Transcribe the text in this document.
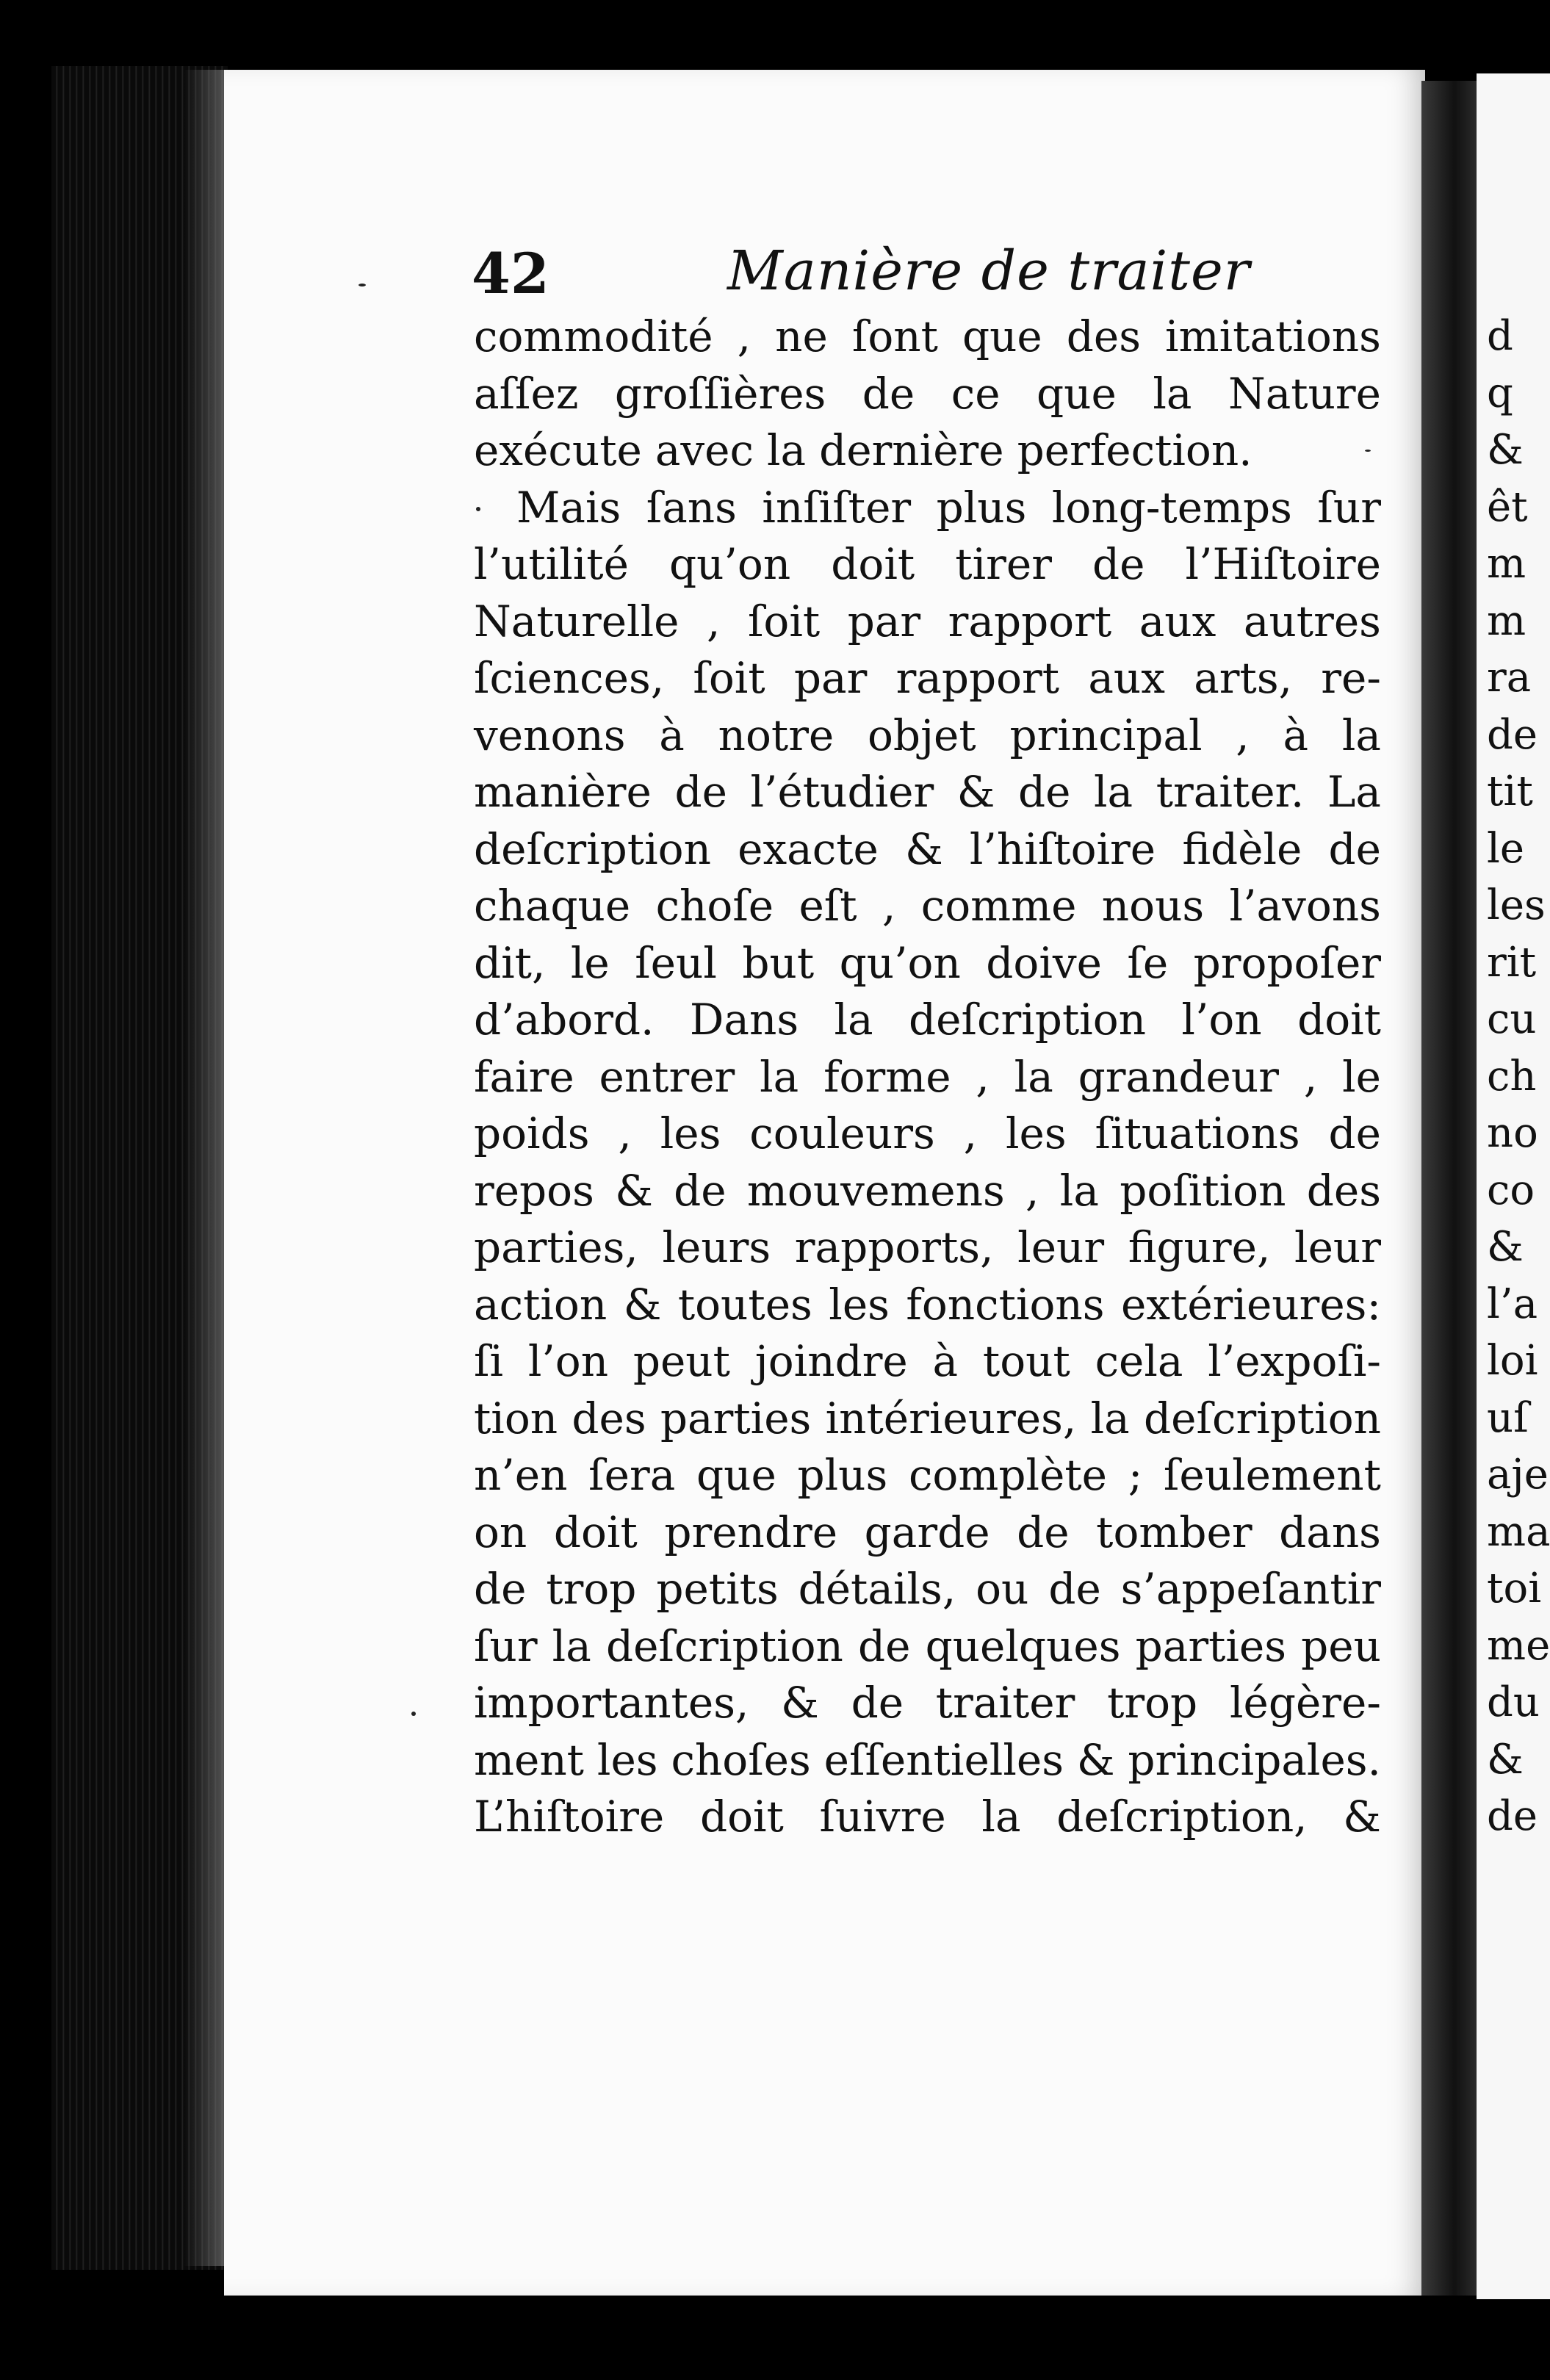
42	Manière de traiter
commodité , ne ſont que des imitations
aſſez groſſières de ce que la Nature
exécute avec la dernière perfection.
Mais ſans inſiſter plus long-temps ſur
l’utilité qu’on doit tirer de l’Hiſtoire
Naturelle , ſoit par rapport aux autres
ſciences, ſoit par rapport aux arts, re-
venons à notre objet principal , à la
manière de l’étudier & de la traiter. La
deſcription exacte & l’hiſtoire fidèle de
chaque choſe eſt , comme nous l’avons
dit, le ſeul but qu’on doive ſe propoſer
d’abord. Dans la deſcription l’on doit
faire entrer la forme , la grandeur , le
poids , les couleurs , les ſituations de
repos & de mouvemens , la poſition des
parties, leurs rapports, leur figure, leur
action & toutes les fonctions extérieures:
ſi l’on peut joindre à tout cela l’expoſi-
tion des parties intérieures, la deſcription
n’en ſera que plus complète ; ſeulement
on doit prendre garde de tomber dans
de trop petits détails, ou de s’appeſantir
ſur la deſcription de quelques parties peu
importantes, & de traiter trop légère-
ment les choſes eſſentielles & principales.
L’hiſtoire doit ſuivre la deſcription, &
d
q
&
êt
m
m
ra
de
tit
le
les
rit
cu
ch
no
co
&
l’a
loi
uſ
aje
ma
toi
me
du
&
de
